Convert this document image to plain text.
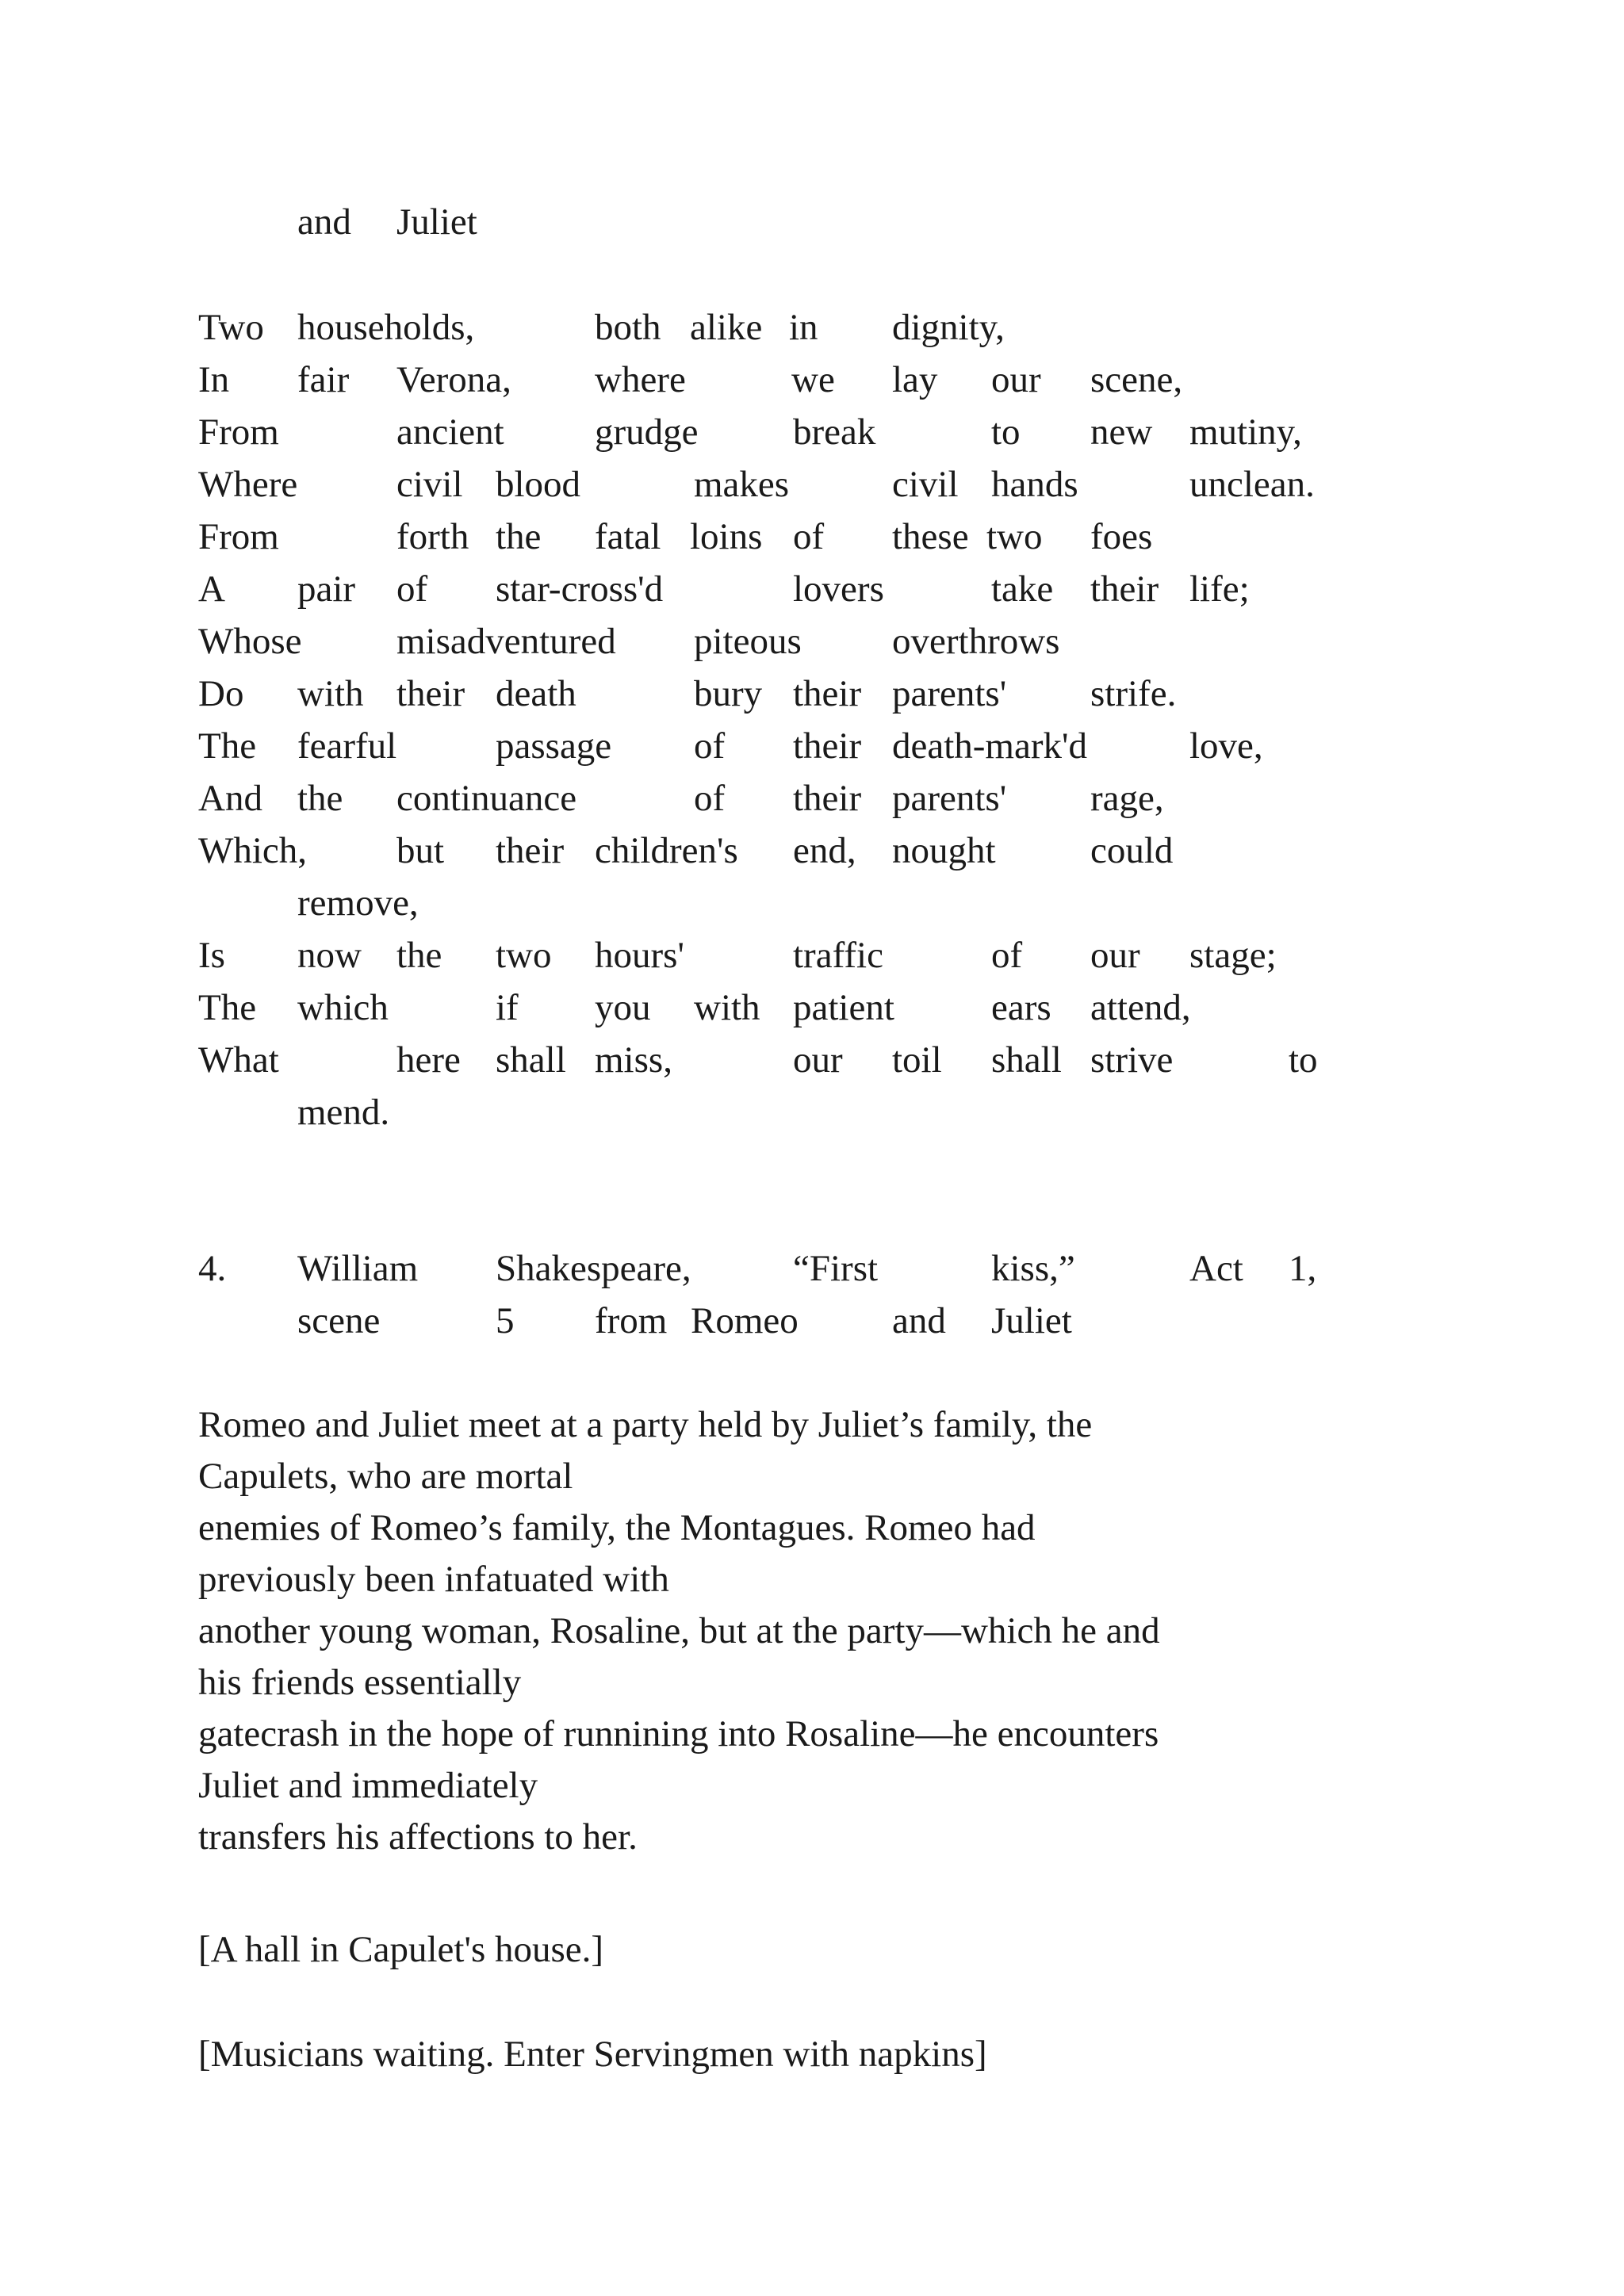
and Juliet
Two households,	both alike in dignity,
In fair Verona, where	we lay our scene,
From	ancient grudge	break	to new mutiny,
Where	civil blood	makes	civil hands	unclean.
From	forth the fatal loins of these two foes
A pair of star-cross'd	lovers	take their life;
Whose	misadventured piteous overthrows
Do with their death	bury their parents' strife.
The fearful	passage of their death-mark'd	love,
And the continuance	of their parents' rage,
Which, but their children's end, nought	could
remove,
Is now the two hours'	traffic	of our stage;
The which	if you with patient	ears attend,
What	here shall miss,	our toil shall strive	to
mend.
4. William Shakespeare,	“First	kiss,”	Act 1,
scene	5 from Romeo	and Juliet
Romeo and Juliet meet at a party held by Juliet’s family, the
Capulets, who are mortal
enemies of Romeo’s family, the Montagues. Romeo had
previously been infatuated with
another young woman, Rosaline, but at the party—which he and
his friends essentially
gatecrash in the hope of runnining into Rosaline—he encounters
Juliet and immediately
transfers his affections to her.
[A hall in Capulet's house.]
[Musicians waiting. Enter Servingmen with napkins]
